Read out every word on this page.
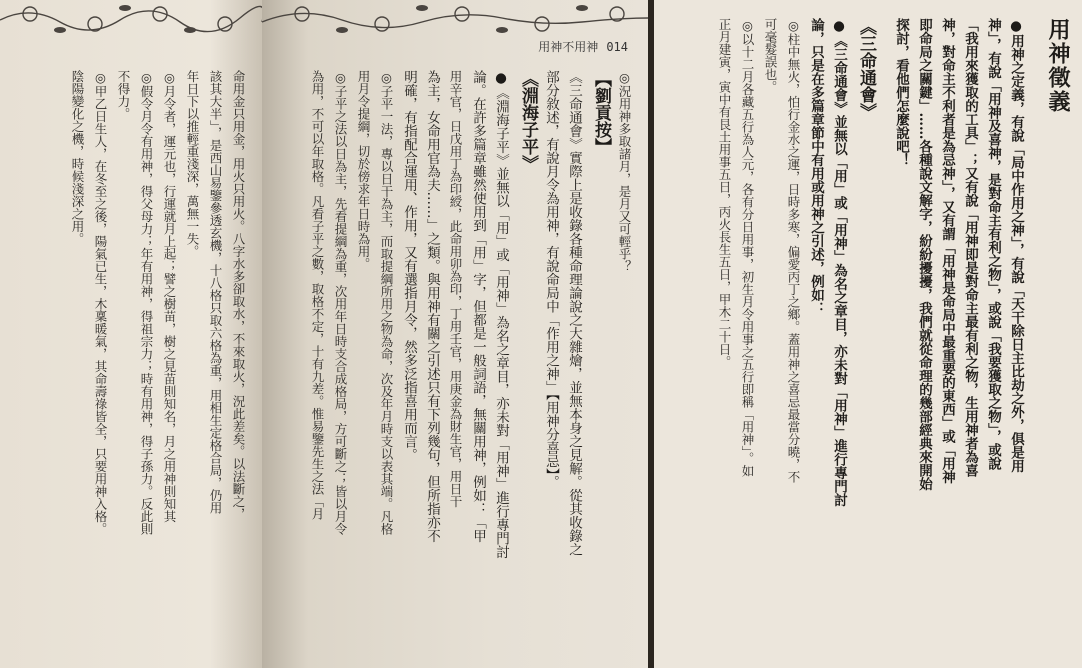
命用金只用金，用火只用火。八字水多卻取水，不來取火，況此差矣。以法斷之，
該其大半」，是西山易鑒參透玄機，十八格只取六格為重，用相生定格合局，仍用
年日下以推輕重淺深，萬無一失。
◎月令者，運元也，行運就月上起；譬之樹苗，樹之見苗則知名，月之用神則知其
◎假令月令有用神，得父母力；年有用神，得祖宗力；時有用神，得子孫力。反此則
不得力。
◎甲乙日生人，在冬至之後，陽氣已生，木稟暖氣，其命壽祿皆全，只要用神入格。
陰陽變化之機，時候淺深之用。
用神不用神 014
◎況用神多取諸月，是月又可輕乎？
【劉貢按】
《三命通會》實際上是收錄各種命理論說之大雜燴，並無本身之見解。從其收錄之
部分敘述，有說月令為用神，有說命局中「作用之神」【用神分喜忌】。
《淵海子平》
●《淵海子平》並無以「用」或「用神」為名之章目，亦未對「用神」進行專門討
論。在許多篇章雖然使用到「用」字，但都是一般詞語，無關用神，例如：「甲
用辛官，日戊用丁為印綬，此命用卯為印，丁用壬官，用庚金為財生官，用日干
為主，女命用官為夫……」之類。與用神有關之引述只有下列幾句，但所指亦不
明確，有指配合運用、作用，又有選指月令，然多泛指喜用而言。
◎子平一法，專以日干為主，而取提綱所用之物為命，次及年月時支以表其端。凡格
用月令提綱，切於傍求年日時為用。
◎子平之法以日為主，先看提綱為重，次用年日時支合成格局，方可斷之；皆以月令
為用，不可以年取格。凡看子平之數，取格不定，十有九差。惟易鑒先生之法「月
用神徵義
●用神之定義，有說「局中作用之神」，有說「天干除日主比劫之外，俱是用
神」，有說「用神及喜神，是對命主有利之物」，或說「我要獲取之物」，或說
「我用來獲取的工具」；又有說「用神即是對命主最有利之物，生用神者為喜
神，對命主不利者是為忌神」，又有謂「用神是命局中最重要的東西」或「用神
即命局之關鍵」……各種說文解字，紛紛擾擾，我們就從命理的幾部經典來開始
探討，看他們怎麼說吧！
《三命通會》
●《三命通會》並無以「用」或「用神」為名之章目，亦未對「用神」進行專門討
論，只是在多篇章節中有用或用神之引述，例如：
◎柱中無火，怕行金水之運，日時多寒，偏愛丙丁之鄉。蓋用神之喜忌最當分曉，不
可毫髮誤也。
◎以十二月各藏五行為人元，各有分日用事，初生月令用事之五行即稱「用神」。如
正月建寅，寅中有艮土用事五日，丙火長生五日，甲木二十日。
